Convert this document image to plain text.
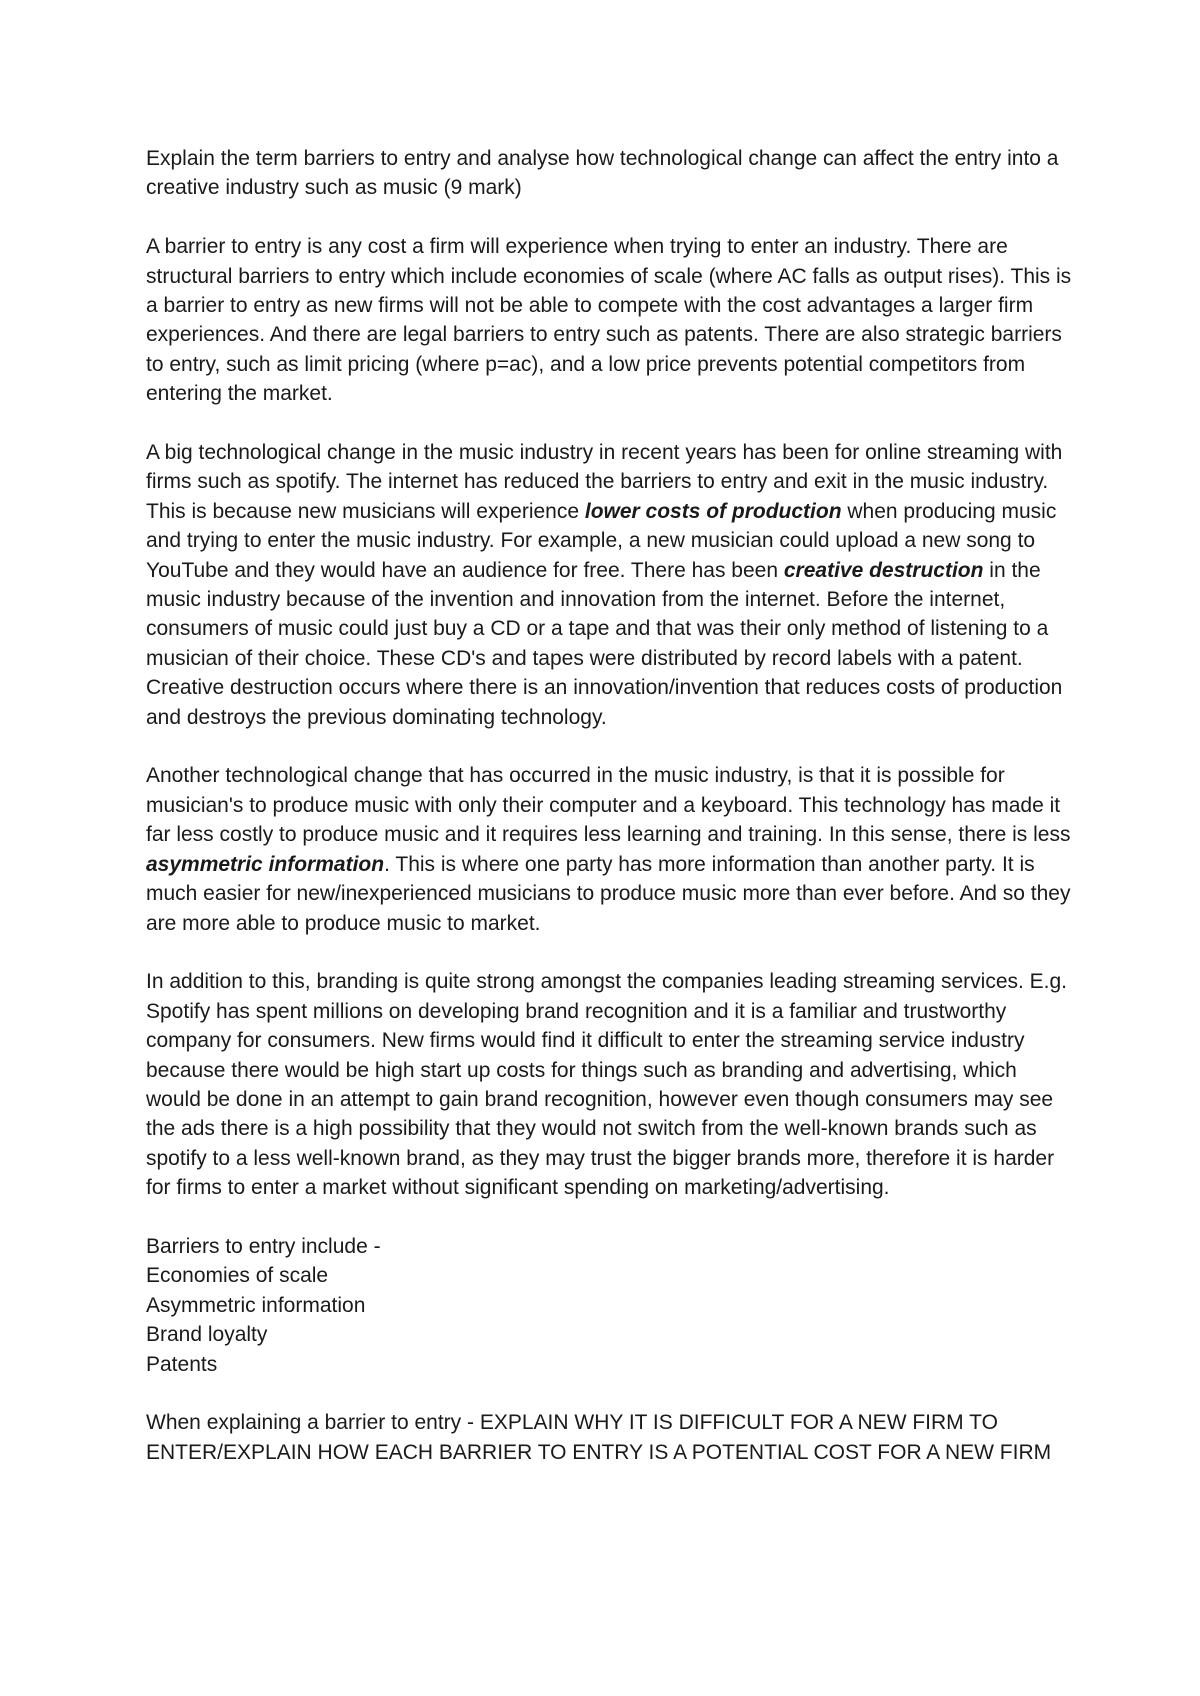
Explain the term barriers to entry and analyse how technological change can affect the entry into a creative industry such as music (9 mark)

A barrier to entry is any cost a firm will experience when trying to enter an industry. There are structural barriers to entry which include economies of scale (where AC falls as output rises). This is a barrier to entry as new firms will not be able to compete with the cost advantages a larger firm experiences. And there are legal barriers to entry such as patents. There are also strategic barriers to entry, such as limit pricing (where p=ac), and a low price prevents potential competitors from entering the market.

A big technological change in the music industry in recent years has been for online streaming with firms such as spotify. The internet has reduced the barriers to entry and exit in the music industry. This is because new musicians will experience lower costs of production when producing music and trying to enter the music industry. For example, a new musician could upload a new song to YouTube and they would have an audience for free. There has been creative destruction in the music industry because of the invention and innovation from the internet. Before the internet, consumers of music could just buy a CD or a tape and that was their only method of listening to a musician of their choice. These CD's and tapes were distributed by record labels with a patent. Creative destruction occurs where there is an innovation/invention that reduces costs of production and destroys the previous dominating technology.

Another technological change that has occurred in the music industry, is that it is possible for musician's to produce music with only their computer and a keyboard. This technology has made it far less costly to produce music and it requires less learning and training. In this sense, there is less asymmetric information. This is where one party has more information than another party. It is much easier for new/inexperienced musicians to produce music more than ever before. And so they are more able to produce music to market.

In addition to this, branding is quite strong amongst the companies leading streaming services. E.g. Spotify has spent millions on developing brand recognition and it is a familiar and trustworthy company for consumers. New firms would find it difficult to enter the streaming service industry because there would be high start up costs for things such as branding and advertising, which would be done in an attempt to gain brand recognition, however even though consumers may see the ads there is a high possibility that they would not switch from the well-known brands such as spotify to a less well-known brand, as they may trust the bigger brands more, therefore it is harder for firms to enter a market without significant spending on marketing/advertising.

Barriers to entry include -
Economies of scale
Asymmetric information
Brand loyalty
Patents

When explaining a barrier to entry - EXPLAIN WHY IT IS DIFFICULT FOR A NEW FIRM TO ENTER/EXPLAIN HOW EACH BARRIER TO ENTRY IS A POTENTIAL COST FOR A NEW FIRM
